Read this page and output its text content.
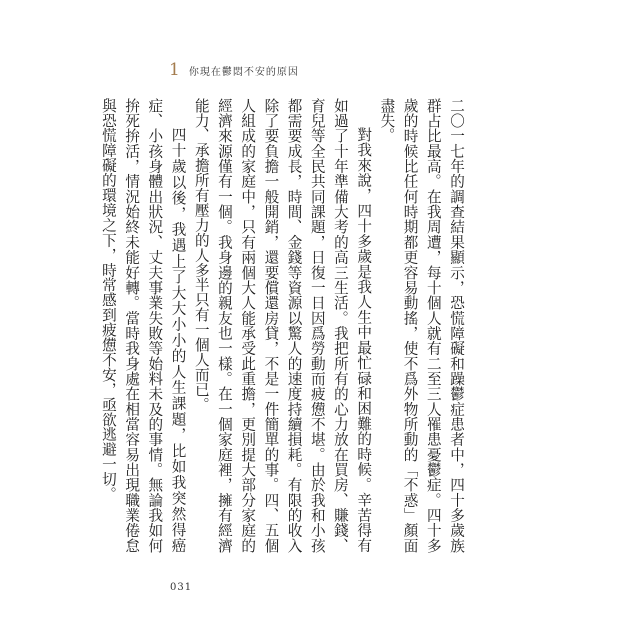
1 你現在鬱悶不安的原因

二〇一七年的調查結果顯示，恐慌障礙和躁鬱症患者中，四十多歲族群占比最高。在我周遭，每十個人就有二至三人罹患憂鬱症。四十多歲的時候比任何時期都更容易動搖，使不爲外物所動的「不惑」顏面盡失。

對我來說，四十多歲是我人生中最忙碌和困難的時候。辛苦得有如過了十年準備大考的高三生活。我把所有的心力放在買房、賺錢、育兒等全民共同課題，日復一日因爲勞動而疲憊不堪。由於我和小孩都需要成長，時間、金錢等資源以驚人的速度持續損耗。有限的收入除了要負擔一般開銷，還要償還房貸，不是一件簡單的事。四、五個人組成的家庭中，只有兩個大人能承受此重擔，更別提大部分家庭的經濟來源僅有一個。我身邊的親友也一樣。在一個家庭裡，擁有經濟能力、承擔所有壓力的人多半只有一個人而已。

四十歲以後，我遇上了大大小小的人生課題，比如我突然得癌症、小孩身體出狀況、丈夫事業失敗等始料未及的事情。無論我如何拚死拚活，情況始終未能好轉。當時我身處在相當容易出現職業倦怠與恐慌障礙的環境之下，時常感到疲憊不安，亟欲逃避一切。

031
